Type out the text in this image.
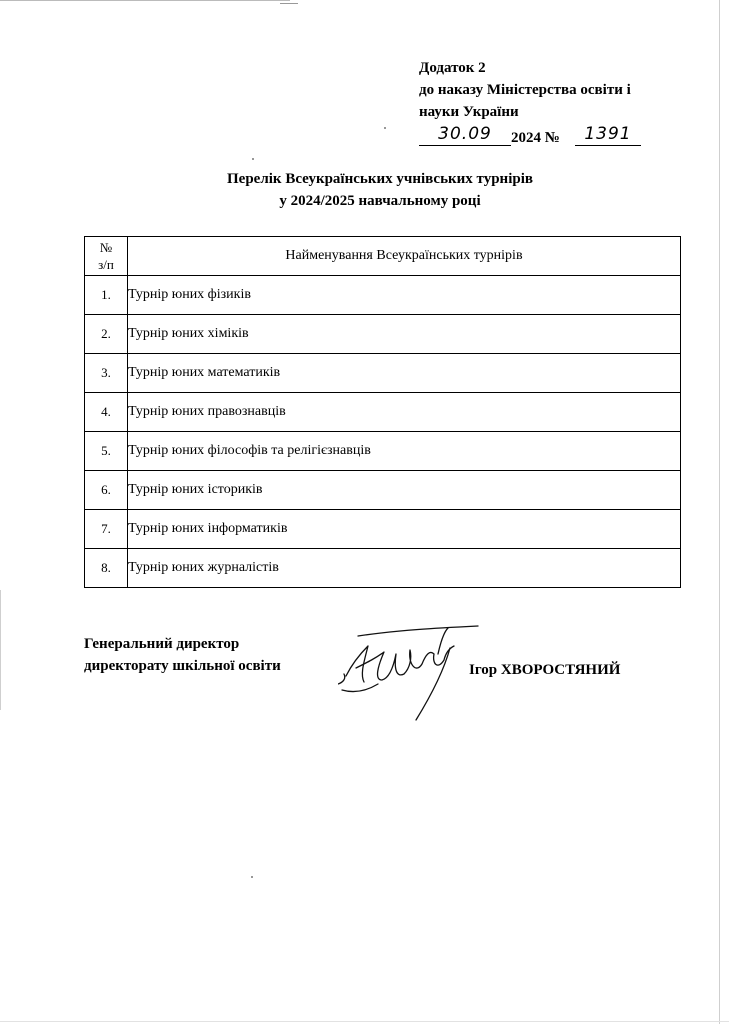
Додаток 2
до наказу Міністерства освіти і
науки України
30.09	2024 №	1391
Перелік Всеукраїнських учнівських турнірів
у 2024/2025 навчальному році
№
з/п	Найменування Всеукраїнських турнірів
1.	Турнір юних фізиків
2.	Турнір юних хіміків
3.	Турнір юних математиків
4.	Турнір юних правознавців
5.	Турнір юних філософів та релігієзнавців
6.	Турнір юних істориків
7.	Турнір юних інформатиків
8.	Турнір юних журналістів
Генеральний директор
директорату шкільної освіти	Ігор ХВОРОСТЯНИЙ
